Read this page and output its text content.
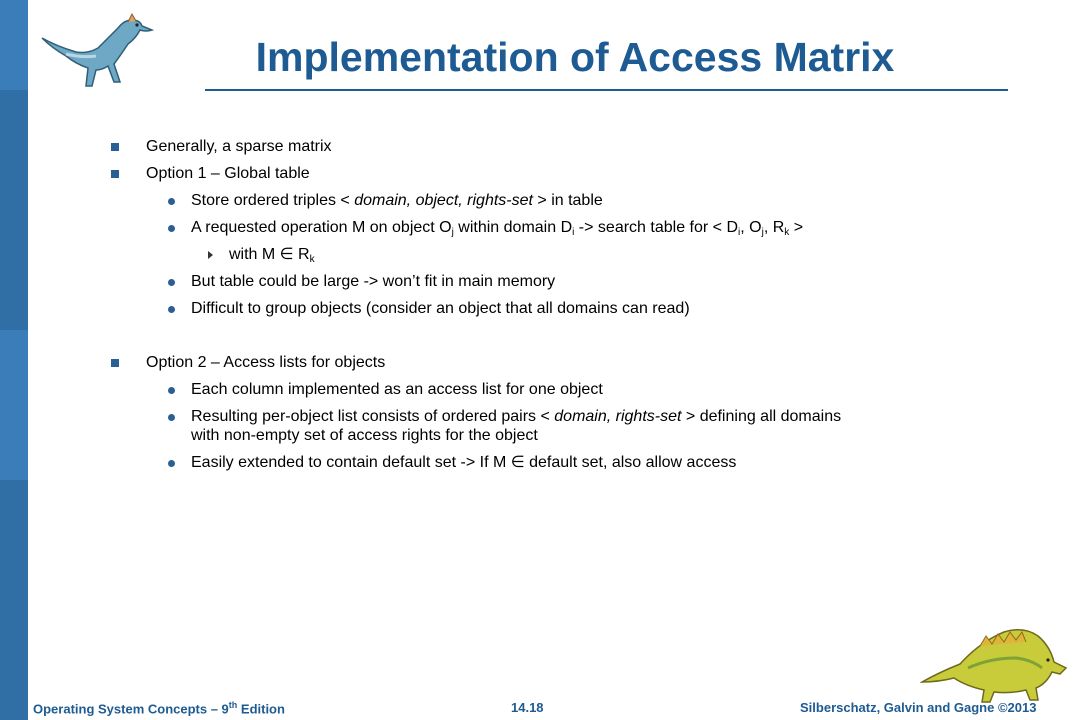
Implementation of Access Matrix
Generally, a sparse matrix
Option 1 – Global table
Store ordered triples < domain, object, rights-set > in table
A requested operation M on object $O_j$ within domain $D_i$ -> search table for < $D_i$, $O_j$, $R_k$ >
with M ∈ $R_k$
But table could be large -> won’t fit in main memory
Difficult to group objects (consider an object that all domains can read)
Option 2 – Access lists for objects
Each column implemented as an access list for one object
Resulting per-object list consists of ordered pairs < domain, rights-set > defining all domains
with non-empty set of access rights for the object
Easily extended to contain default set -> If M ∈ default set, also allow access
Operating System Concepts – 9th Edition	14.18	Silberschatz, Galvin and Gagne ©2013
